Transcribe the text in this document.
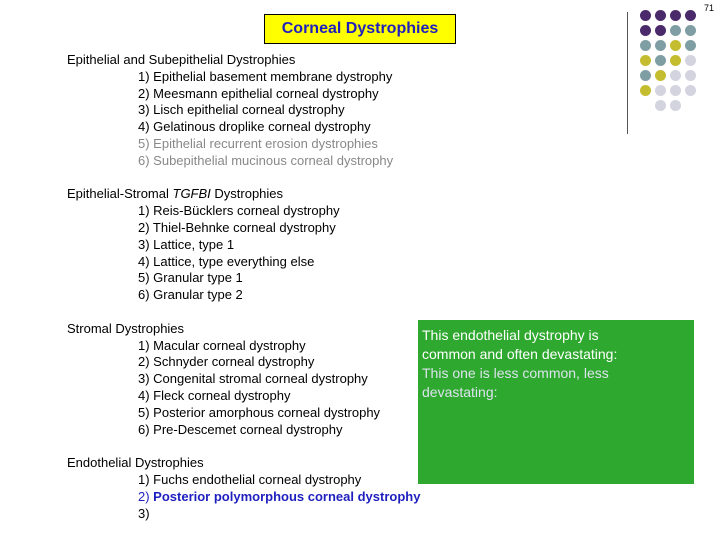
71
Corneal Dystrophies
Epithelial and Subepithelial Dystrophies
1) Epithelial basement membrane dystrophy
2) Meesmann epithelial corneal dystrophy
3) Lisch epithelial corneal dystrophy
4) Gelatinous droplike corneal dystrophy
5) Epithelial recurrent erosion dystrophies
6) Subepithelial mucinous corneal dystrophy
Epithelial-Stromal TGFBI Dystrophies
1) Reis-Bücklers corneal dystrophy
2) Thiel-Behnke corneal dystrophy
3) Lattice, type 1
4) Lattice, type everything else
5) Granular type 1
6) Granular type 2
Stromal Dystrophies
1) Macular corneal dystrophy
2) Schnyder corneal dystrophy
3) Congenital stromal corneal dystrophy
4) Fleck corneal dystrophy
5) Posterior amorphous corneal dystrophy
6) Pre-Descemet corneal dystrophy
Endothelial Dystrophies
1) Fuchs endothelial corneal dystrophy
2) Posterior polymorphous corneal dystrophy
3)
This endothelial dystrophy is
common and often devastating:
This one is less common, less
devastating:
